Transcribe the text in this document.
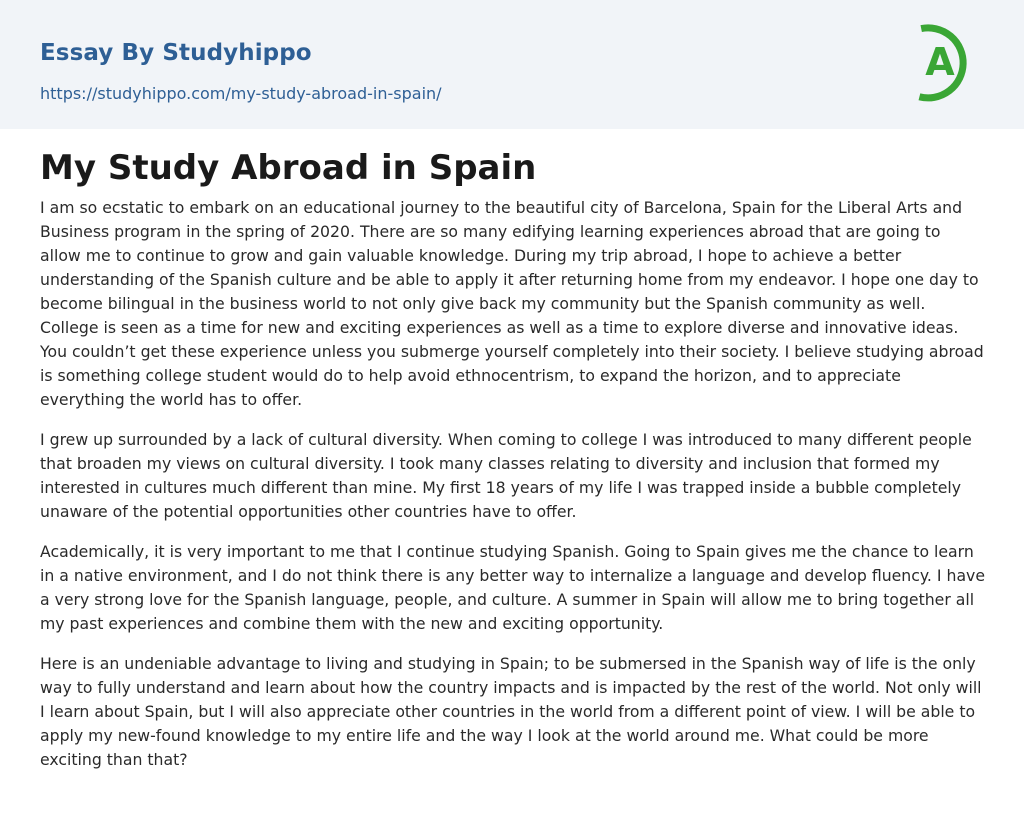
Essay By Studyhippo
https://studyhippo.com/my-study-abroad-in-spain/
A
My Study Abroad in Spain

I am so ecstatic to embark on an educational journey to the beautiful city of Barcelona, Spain for the Liberal Arts and Business program in the spring of 2020. There are so many edifying learning experiences abroad that are going to allow me to continue to grow and gain valuable knowledge. During my trip abroad, I hope to achieve a better understanding of the Spanish culture and be able to apply it after returning home from my endeavor. I hope one day to become bilingual in the business world to not only give back my community but the Spanish community as well. College is seen as a time for new and exciting experiences as well as a time to explore diverse and innovative ideas. You couldn’t get these experience unless you submerge yourself completely into their society. I believe studying abroad is something college student would do to help avoid ethnocentrism, to expand the horizon, and to appreciate everything the world has to offer.

I grew up surrounded by a lack of cultural diversity. When coming to college I was introduced to many different people that broaden my views on cultural diversity. I took many classes relating to diversity and inclusion that formed my interested in cultures much different than mine. My first 18 years of my life I was trapped inside a bubble completely unaware of the potential opportunities other countries have to offer.

Academically, it is very important to me that I continue studying Spanish. Going to Spain gives me the chance to learn in a native environment, and I do not think there is any better way to internalize a language and develop fluency. I have a very strong love for the Spanish language, people, and culture. A summer in Spain will allow me to bring together all my past experiences and combine them with the new and exciting opportunity.

Here is an undeniable advantage to living and studying in Spain; to be submersed in the Spanish way of life is the only way to fully understand and learn about how the country impacts and is impacted by the rest of the world. Not only will I learn about Spain, but I will also appreciate other countries in the world from a different point of view. I will be able to apply my new-found knowledge to my entire life and the way I look at the world around me. What could be more exciting than that?
